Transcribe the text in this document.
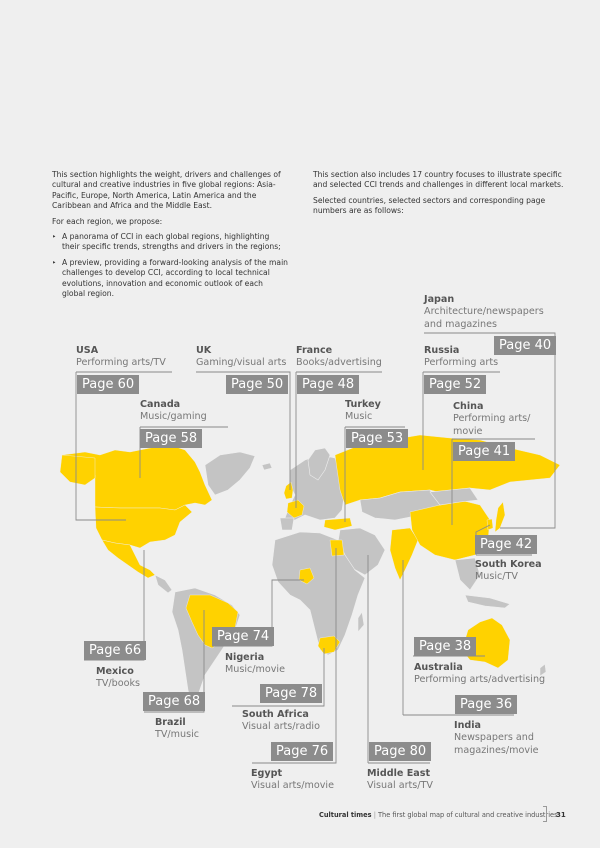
This section highlights the weight, drivers and challenges of cultural and creative industries in five global regions: Asia-Pacific, Europe, North America, Latin America and the Caribbean and Africa and the Middle East.

For each region, we propose:

‣ A panorama of CCI in each global regions, highlighting their specific trends, strengths and drivers in the regions;
‣ A preview, providing a forward-looking analysis of the main challenges to develop CCI, according to local technical evolutions, innovation and economic outlook of each global region.

This section also includes 17 country focuses to illustrate specific and selected CCI trends and challenges in different local markets.

Selected countries, selected sectors and corresponding page numbers are as follows:

USA
Performing arts/TV
Page 60
UK
Gaming/visual arts
Page 50
France
Books/advertising
Page 48
Russia
Performing arts
Page 52
Japan
Architecture/newspapers
and magazines
Page 40
Canada
Music/gaming
Page 58
Turkey
Music
Page 53
China
Performing arts/
movie
Page 41
Page 42
South Korea
Music/TV
Page 66
Mexico
TV/books
Page 74
Nigeria
Music/movie
Page 38
Australia
Performing arts/advertising
Page 68
Brazil
TV/music
Page 78
South Africa
Visual arts/radio
Page 36
India
Newspapers and
magazines/movie
Page 76
Egypt
Visual arts/movie
Page 80
Middle East
Visual arts/TV
Cultural times | The first global map of cultural and creative industries
31
